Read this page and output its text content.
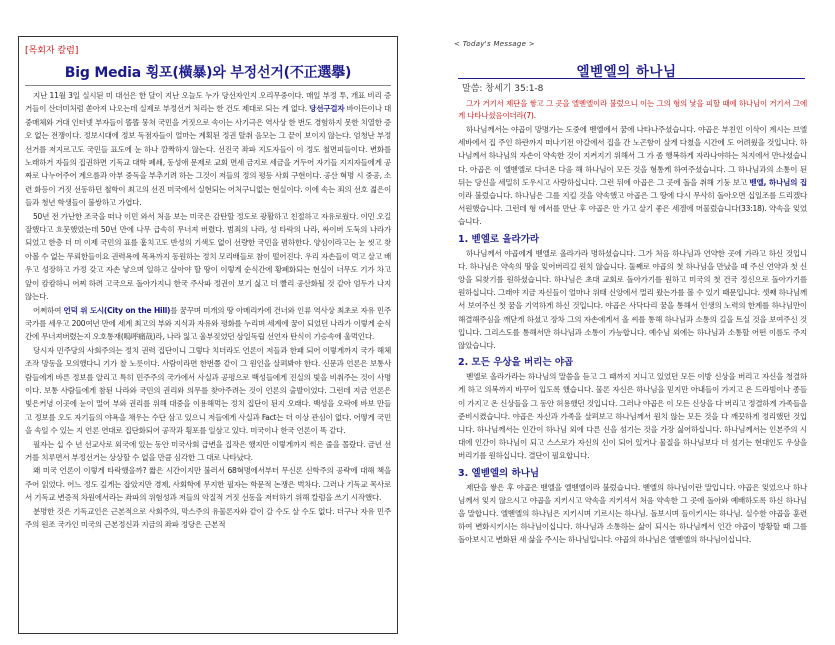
[목회자 칼럼]
Big Media 횡포(橫暴)와 부정선거(不正選擧)

지난 11월 3일 실시된 미 대선은 한 달이 지난 오늘도 누가 당선자인지 오리무중이다. 매일 부정 투, 개표 비리 증거들이 산더미처럼 쏟아져 나오는데 실제로 부정선거 처리는 한 건도 제대로 되는 게 없다. 당선구걸자 바이든이나 대중매체와 거대 인터넷 부자들이 똘똘 뭉쳐 국민을 거짓으로 속이는 사기극은 역사상 한 번도 경험하지 못한 치열한 증오 없는 전쟁이다. 정보시대에 정보 독점자들이 얼마는 계획된 정권 탈취 음모는 그 끝이 보이지 않는다. 엄청난 부정선거를 저지르고도 국민들 표도에 눈 하나 깜짝하지 않는다. 선진국 좌파 지도자들이 이 정도 철면피들이다. 변화를 노래하거 자들의 집권하면 기독교 대학 폐쇄, 동성애 문제로 교회 면세 금지로 세금을 거두어 자기들 지지자들에게 공짜로 나누어주어 계으름과 아부 중독을 부추기려 하는 그것이 저들의 정의 평등 사회 구현이다. 공산 혁명 시 중공, 소련 화등이 거짓 선동하던 철학이 최고의 선진 미국에서 실현되는 어처구니없는 현실이다. 이에 속는 죄의 선호 젊은이들과 청년 학생들이 불쌍하고 가엽다.

50년 전 가난한 조국을 떠나 이민 와서 처음 보는 미국은 감탄할 정도로 광활하고 친절하고 자유로웠다. 이민 오길 잘했다고 흐뭇했었는데 50년 만에 나무 급속히 무너져 버렸다. 범죄의 나라, 성 타락의 나라, 싸이버 도둑의 나라가 되었고 한층 더 미 이제 국민의 표를 훔치고도 반성의 기색도 없이 선량한 국민을 폄하한다. 양심이라고는 눈 씻고 찾아볼 수 없는 무뢰한들이요 권력욕에 목욕까지 동원하는 정치 모리배들로 참이 떨어진다. 우리 자손들이 먹고 살고 배우고 성장하고 가정 갖고 자손 낳으며 일하고 살아야 할 땅이 이렇게 순식간에 황폐화되는 현실이 너무도 기가 차고 앞이 캄캄하니 어찌 하려 고국으로 돌아가지니 한국 주사파 정권이 보기 싫고 더 빨리 공산화될 것 같아 엄두가 나지 않는다.

어쩌하여 언덕 위 도시(City on the Hill)를 꿈꾸며 미개의 땅 아메리카에 건너와 인류 역사상 최초로 자유 민주국가를 세우고 200여년 만에 세계 최고의 부와 지식과 자유와 평화를 누리며 세계에 꿈이 되었던 나라가 이렇게 순식간에 무너져버렸는지 오호통재(嗚呼痛哉)라, 나라 잃고 울부짖었던 삼일독립 선언자 탄식이 기승속에 울먹인다.

당시자 민주당의 사회주의는 정치 권력 집단이니 그렇다 치더라도 언론이 저들과 한패 되어 이렇게까지 국가 해체 조작 망동을 모의했다니 기가 찰 노릇이다. 사람이라면 한번쯤 같이 그 원인을 살펴봐야 한다. 신문과 언론은 보통사람들에게 바른 정보를 알리고 특히 민주주의 국가에서 사실과 공평으로 백성들에게 진실의 빛을 비춰주는 것이 사명이다. 보통 사람들에게 참된 나라와 국민의 권리와 의무를 찾아주려는 것이 언론의 출발이었다. 그런데 지금 언론은 빛은커녕 이곳에 눈이 멀어 부와 권리를 위해 대중을 이용해먹는 정치 집단이 된지 오래다. 백성을 오락에 바보 만들고 정보를 오도 자기들의 야욕을 채우는 수단 삼고 있으니 저들에게 사실과 Fact는 더 이상 관심이 없다. 어떻게 국민을 속일 수 있는 지 언론 연대로 집단화되어 공작과 횡포를 일삼고 있다. 미국이나 한국 언론이 똑 같다.

필자는 십 수 년 선교사로 외국에 있는 동안 미국사회 급변을 집작은 했지만 이렇게까지 썩은 줄을 몰랐다. 금년 선거를 치루면서 부정선거는 상상할 수 없을 만큼 심각한 그 대로 나타났다.

왜 미국 언론이 이렇게 타락했을까? 짧은 시간이지만 불러서 68혁명에서부터 무신론 신학주의 공략에 대해 책을 주어 읽었다. 어느 정도 깊게는 잡았지만 경제, 사회학에 무지한 필자는 학문적 논쟁은 벅차다. 그러나 기독교 목사로서 기독교 변증적 차원에서라는 좌파의 위험성과 저들의 악질적 거짓 선동을 저터하기 위해 칼럼을 쓰기 시작했다.

분명한 것은 기독교인은 근본적으로 사회주의, 막스주의 유물론자와 같이 갈 수도 살 수도 없다. 더구나 자유 민주주의 원조 국가인 미국의 근본정신과 지금의 좌파 정당은 근본적

< Today's Message >
엘벧엘의 하나님
말씀: 창세기 35:1-8

그가 거기서 제단을 쌓고 그 곳을 엘벧엘이라 불렀으니 이는 그의 형의 낯을 피할 때에 하나님이 거기서 그에게 나타나셨음이더라(7).

하나님께서는 야곱이 망명가는 도중에 벧엘에서 꿈에 나타나주셨습니다. 야곱은 부친인 이삭이 계시는 브엘세바에서 집 주인 하란까지 떠나기전 아갈에서 집을 간 노곤함이 살게 다쳤을 시간에 도 어려웠을 것입니다. 하나님께서 하나님의 자손이 약속한 것이 지켜지기 위해서 그 가 좀 행복하게 자라나야하는 처지에서 만나셨습니다. 아곱은 이 엘벧엘로 다녀온 다음 해 하나님이 모든 것을 형통케 하여주셨습니다. 그 하나님과의 소통이 된 뒤는 당신을 세밀히 도우시고 사랑하십니다. 그런 뒤에 아곱은 그 곳에 돌을 취해 기둥 보고 벧엘, 하나님의 집이라 불렀습니다. 하나님은 그를 지킬 것을 약속했고 아곱은 그 땅에 다시 무사히 돌아오면 십일조를 드리겠다 서원했습니다. 그런데 형 에서를 만난 후 야곱은 안 가고 살기 좋은 세겜에 머물렀습니다(33:18). 약속을 잊었습니다.

1. 벧엘로 올라가라

하나님께서 야곱에게 벧엘로 올라가라 명하셨습니다. 그가 처음 하나님과 언약한 곳에 가라고 하신 것입니다. 하나님은 약속의 땅을 잊어버리길 원치 않습니다. 둘째로 야곱의 첫 하나님을 만났을 때 주신 언약과 첫 신앙을 되찾기를 원하셨습니다. 하나님은 초대 교회로 돌아가기를 원하고 미국의 첫 건국 정신으로 돌아가기를 원하십니다. 그래야 지금 자신들이 얼마나 위태 신앙에서 멀리 왔는가를 볼 수 있기 때문입니다. 셋째 하나님께서 보여주신 첫 꿈을 기억하게 하신 것입니다. 야곱은 사닥다리 꿈을 통해서 인생의 노력의 한계를 하나님만이 해결해주심을 깨닫게 하셨고 장차 그의 자손에게서 올 씨를 통해 하나님과 소통의 길을 트실 것을 보여주신 것입니다. 그리스도를 통해서만 하나님과 소통이 가능합니다. 예수님 외에는 하나님과 소통할 어떤 이름도 주지 않았습니다.

2. 모든 우상을 버리는 야곱

벧엘로 올라가라는 하나님의 말씀을 듣고 그 때까지 지니고 있었던 모든 이방 신상을 버리고 자신을 청결하게 하고 의복까지 바꾸어 입도록 했습니다. 물론 자신은 하나님을 믿지만 아내들이 가지고 온 드라빔이나 종들이 가지고 온 신상들을 그 동안 허용했던 것입니다. 그러나 야곱은 이 모든 신상을 다 버리고 정결하게 가족들을 준비시켰습니다. 야곱은 자신과 가족을 살펴보고 하나님께서 원치 않는 모든 것을 다 깨끗하게 정리했던 것입니다. 하나님께서는 인간이 하나님 외에 다른 신을 섬기는 것을 가장 싫어하십니다. 하나님께서는 인본주의 시대에 인간이 하나님이 되고 스스로가 자신의 신이 되어 있거나 물질을 하나님보다 더 섬기는 현대인도 우상을 버리기를 원하십니다. 결단이 필요합니다.

3. 엘벧엘의 하나님

제단을 쌓은 후 야곱은 벧엘을 엘벧엘이라 불렀습니다. 벧엘의 하나님이란 말입니다. 야곱은 잊었으나 하나님께서 잊지 않으시고 야곱을 지키시고 약속을 지키셔서 처음 약속한 그 곳에 돌아와 예배하도록 하신 하나님을 말합니다. 엘벧엘의 하나님은 지키시며 기르시는 하나님. 돌보시며 들이키시는 하나님. 실수한 야곱을 훈련하여 변화시키시는 하나님이십니다. 하나님과 소통하는 삶이 되시는 하나님께서 인간 야곱이 방황할 때 그를 돌아보시고 변화된 새 삶을 주시는 하나님입니다. 야곱의 하나님은 엘벧엘의 하나님이십니다.
